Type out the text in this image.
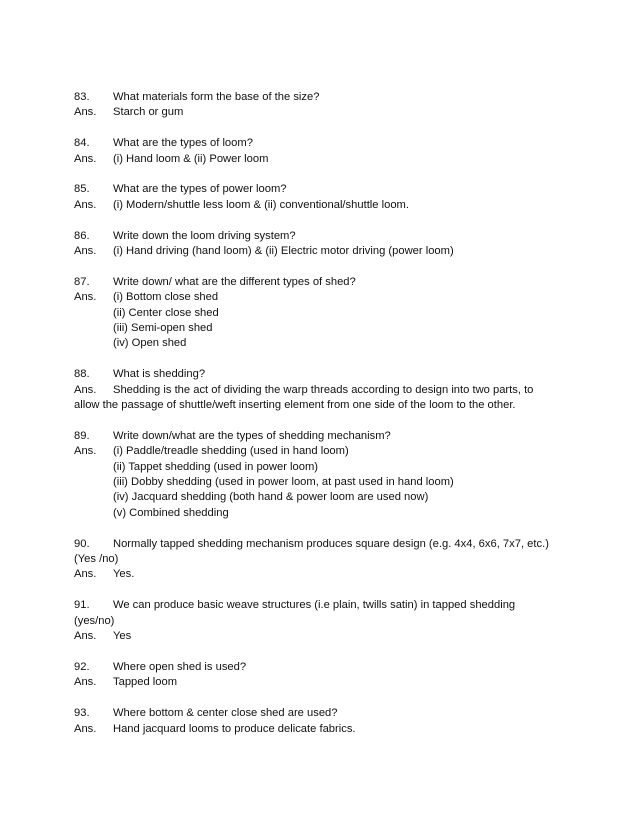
83. What materials form the base of the size?
Ans. Starch or gum
84. What are the types of loom?
Ans. (i) Hand loom & (ii) Power loom
85. What are the types of power loom?
Ans. (i) Modern/shuttle less loom & (ii) conventional/shuttle loom.
86. Write down the loom driving system?
Ans. (i) Hand driving (hand loom) & (ii) Electric motor driving (power loom)
87. Write down/ what are the different types of shed?
Ans. (i) Bottom close shed
(ii) Center close shed
(iii) Semi-open shed
(iv) Open shed
88. What is shedding?
Ans. Shedding is the act of dividing the warp threads according to design into two parts, to
allow the passage of shuttle/weft inserting element from one side of the loom to the other.
89. Write down/what are the types of shedding mechanism?
Ans. (i) Paddle/treadle shedding (used in hand loom)
(ii) Tappet shedding (used in power loom)
(iii) Dobby shedding (used in power loom, at past used in hand loom)
(iv) Jacquard shedding (both hand & power loom are used now)
(v) Combined shedding
90. Normally tapped shedding mechanism produces square design (e.g. 4x4, 6x6, 7x7, etc.)
(Yes /no)
Ans. Yes.
91. We can produce basic weave structures (i.e plain, twills satin) in tapped shedding
(yes/no)
Ans. Yes
92. Where open shed is used?
Ans. Tapped loom
93. Where bottom & center close shed are used?
Ans. Hand jacquard looms to produce delicate fabrics.
